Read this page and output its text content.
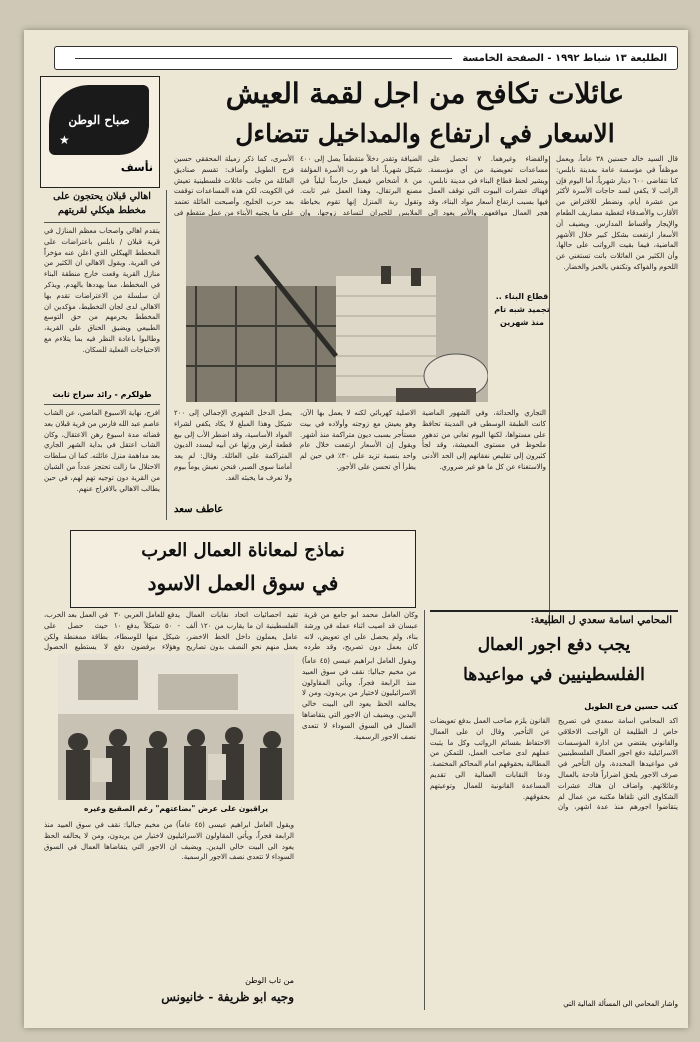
الطليعة ١٣ شباط ١٩٩٢ - الصفحة الخامسة
صباح الوطن
★
نأسف
عائلات تكافح من اجل لقمة العيش
الاسعار في ارتفاع والمداخيل تتضاءل
قال السيد خالد حسنين ٣٨ عاماً، ويعمل موظفاً في مؤسسة عامة بمدينة نابلس: كنا نتقاضى ٦٠٠ دينار شهرياً، أما اليوم فإن الراتب لا يكفي لسد حاجات الأسرة لأكثر من عشرة أيام، ونضطر للاقتراض من الأقارب والأصدقاء لتغطية مصاريف الطعام والإيجار وأقساط المدارس. ويضيف أن الأسعار ارتفعت بشكل كبير خلال الأشهر الماضية، فيما بقيت الرواتب على حالها، وأن الكثير من العائلات باتت تستغني عن اللحوم والفواكه وتكتفي بالخبز والخضار.
والقضاء وغيرهما. ٧ تحصل على مساعدات تعويضية من أي مؤسسة. ويشير لحظ قطاع البناء في مدينة نابلس، فهناك عشرات البيوت التي توقف العمل فيها بسبب ارتفاع أسعار مواد البناء، وقد هجر العمال مواقعهم. والأمر يعود إلى
الضيافة وتقدر دخلاً متقطعاً يصل إلى ٤٠٠ شيكل شهرياً. أما هو رب الأسرة المؤلفة من ٨ أشخاص فيعمل حارساً ليلياً في مصنع البرتقال، وهذا العمل غير ثابت. وتقول ربة المنزل إنها تقوم بخياطة الملابس للجيران لتساعد زوجها، وإن
الأسرى، كما ذكر زميلة المحققي حسين فرج الطويل وأضاف: تقسم صناديق العائلة من جانب عائلات فلسطينية تعيش في الكويت، لكن هذه المساعدات توقفت بعد حرب الخليج، وأصبحت العائلة تعتمد على ما يجنيه الأبناء من عمل متقطع في
قطاع البناء .. تجميد شبه تام منذ شهرين
يصل الدخل الشهري الإجمالي إلى ٢٠٠ شيكل وهذا المبلغ لا يكاد يكفي لشراء المواد الأساسية، وقد اضطر الأب إلى بيع قطعة أرض ورثها عن أبيه ليسدد الديون المتراكمة على العائلة. وقال: لم يعد أمامنا سوى الصبر، فنحن نعيش يوماً بيوم ولا نعرف ما يخبئه الغد.
الاصلية كهربائي لكنه لا يعمل بها الآن، وهو يعيش مع زوجته وأولاده في بيت مستأجر بسبب ديون متراكمة منذ أشهر. ويقول إن الأسعار ارتفعت خلال عام واحد بنسبة تزيد على ٣٠٪ في حين لم يطرأ أي تحسن على الأجور.
التجاري والحداثة، وفي الشهور الماضية كانت الطبقة الوسطى في المدينة تحافظ على مستواها، لكنها اليوم تعاني من تدهور ملحوظ في مستوى المعيشة، وقد لجأ كثيرون إلى تقليص نفقاتهم إلى الحد الأدنى والاستغناء عن كل ما هو غير ضروري.
عاطف سعد
اهالي قبلان يحتجون على مخطط هيكلي لقريتهم
يتقدم اهالي واصحاب معظم المنازل في قرية قبلان / نابلس باعتراضات على المخطط الهيكلي الذي اعلن عنه مؤخراً في القرية. ويقول الاهالي ان الكثير من منازل القرية وقعت خارج منطقة البناء في المخطط، مما يهددها بالهدم. ويذكر ان سلسلة من الاعتراضات تقدم بها الاهالي لدى لجان التخطيط، مؤكدين ان المخطط يحرمهم من حق التوسع الطبيعي ويضيق الخناق على القرية، وطالبوا باعادة النظر فيه بما يتلاءم مع الاحتياجات الفعلية للسكان.
طولكرم - رائد سراج ثابت
افرج، نهاية الاسبوع الماضي، عن الشاب عاصم عبد الله فارس من قرية قبلان بعد قضائه مدة اسبوع رهن الاعتقال، وكان الشاب اعتقل في بداية الشهر الجاري بعد مداهمة منزل عائلته. كما ان سلطات الاحتلال ما زالت تحتجز عدداً من الشبان من القرية دون توجيه تهم لهم، في حين يطالب الاهالي بالافراج عنهم.
نماذج لمعاناة العمال العرب
في سوق العمل الاسود
وكان العامل محمد ابو جامع من قرية عبسان قد اصيب اثناء عمله في ورشة بناء، ولم يحصل على اي تعويض، لانه كان يعمل دون تصريح، وقد طرده
تقيد احصائيات اتحاد نقابات العمال الفلسطينية ان ما يقارب من ١٢٠ ألف عامل يعملون داخل الخط الاخضر، يعمل منهم نحو النصف بدون تصاريح
يدفع للعامل العربي ٣٠ - ٥٠ شيكلاً يدفع ١٠ شيكل منها للوسطاء، وهؤلاء يرفضون دفع
في العمل بعد الحرب، حيث حصل على بطاقة ممغنطة ولكن لا يستطيع الحصول
يراقبون على عرض "بضاعتهم" رغم الصقيع وغيره
ويقول العامل ابراهيم عيسى (٤٥ عاماً) من مخيم جباليا: نقف في سوق العبيد منذ الرابعة فجراً، ويأتي المقاولون الاسرائيليون لاختيار من يريدون، ومن لا يحالفه الحظ يعود الى البيت خالي اليدين. ويضيف ان الاجور التي يتقاضاها العمال في السوق السوداء لا تتعدى نصف الاجور الرسمية.
ويقول العامل ابراهيم عيسى (٤٥ عاماً) من مخيم جباليا: نقف في سوق العبيد منذ الرابعة فجراً، ويأتي المقاولون الاسرائيليون لاختيار من يريدون، ومن لا يحالفه الحظ يعود الى البيت خالي اليدين. ويضيف ان الاجور التي يتقاضاها العمال في السوق السوداء لا تتعدى نصف الاجور الرسمية.
من تاب الوطن
وجيه ابو ظريفة - خانيونس
المحامي اسامة سعدي ل الطليعة:
يجب دفع اجور العمال
الفلسطينيين في مواعيدها
كتب حسين فرج الطويل
اكد المحامي اسامة سعدي في تصريح خاص لـ الطليعة ان الواجب الاخلاقي والقانوني يقتضي من ادارة المؤسسات الاسرائيلية دفع اجور العمال الفلسطينيين في مواعيدها المحددة، وان التأخير في صرف الاجور يلحق اضراراً فادحة بالعمال وعائلاتهم. واضاف ان هناك عشرات الشكاوى التي تلقاها مكتبه من عمال لم يتقاضوا اجورهم منذ عدة اشهر، وان القانون يلزم صاحب العمل بدفع تعويضات عن التأخير. وقال ان على العمال الاحتفاظ بقسائم الرواتب وكل ما يثبت عملهم لدى صاحب العمل، للتمكن من المطالبة بحقوقهم امام المحاكم المختصة. ودعا النقابات العمالية الى تقديم المساعدة القانونية للعمال وتوعيتهم بحقوقهم.
واشار المحامي الى المسألة المالية التي
